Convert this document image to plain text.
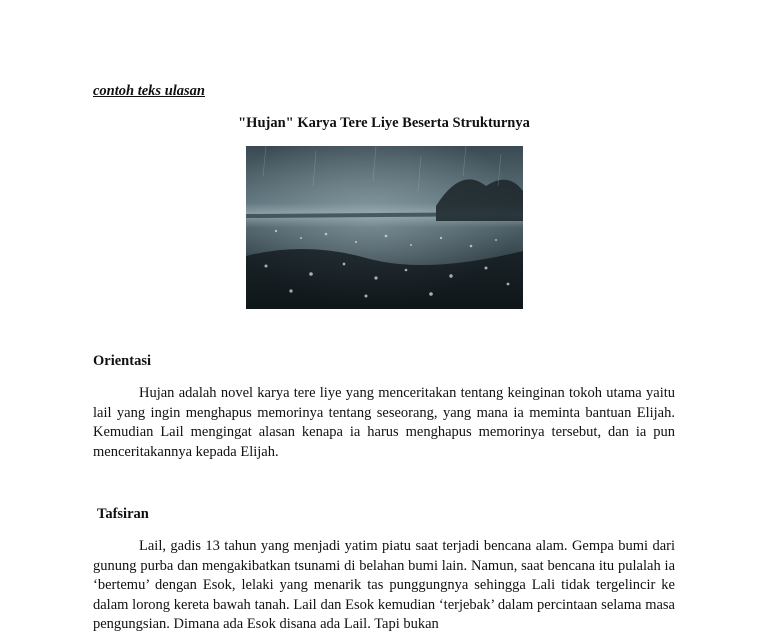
contoh teks ulasan
"Hujan" Karya Tere Liye Beserta Strukturnya
Orientasi

Hujan adalah novel karya tere liye yang menceritakan tentang keinginan tokoh utama yaitu lail yang ingin menghapus memorinya tentang seseorang, yang mana ia meminta bantuan Elijah. Kemudian Lail mengingat alasan kenapa ia harus menghapus memorinya tersebut, dan ia pun menceritakannya kepada Elijah.

Tafsiran

Lail, gadis 13 tahun yang menjadi yatim piatu saat terjadi bencana alam. Gempa bumi dari gunung purba dan mengakibatkan tsunami di belahan bumi lain. Namun, saat bencana itu pulalah ia ‘bertemu’ dengan Esok, lelaki yang menarik tas punggungnya sehingga Lali tidak tergelincir ke dalam lorong kereta bawah tanah. Lail dan Esok kemudian ‘terjebak’ dalam percintaan selama masa pengungsian. Dimana ada Esok disana ada Lail. Tapi bukan
